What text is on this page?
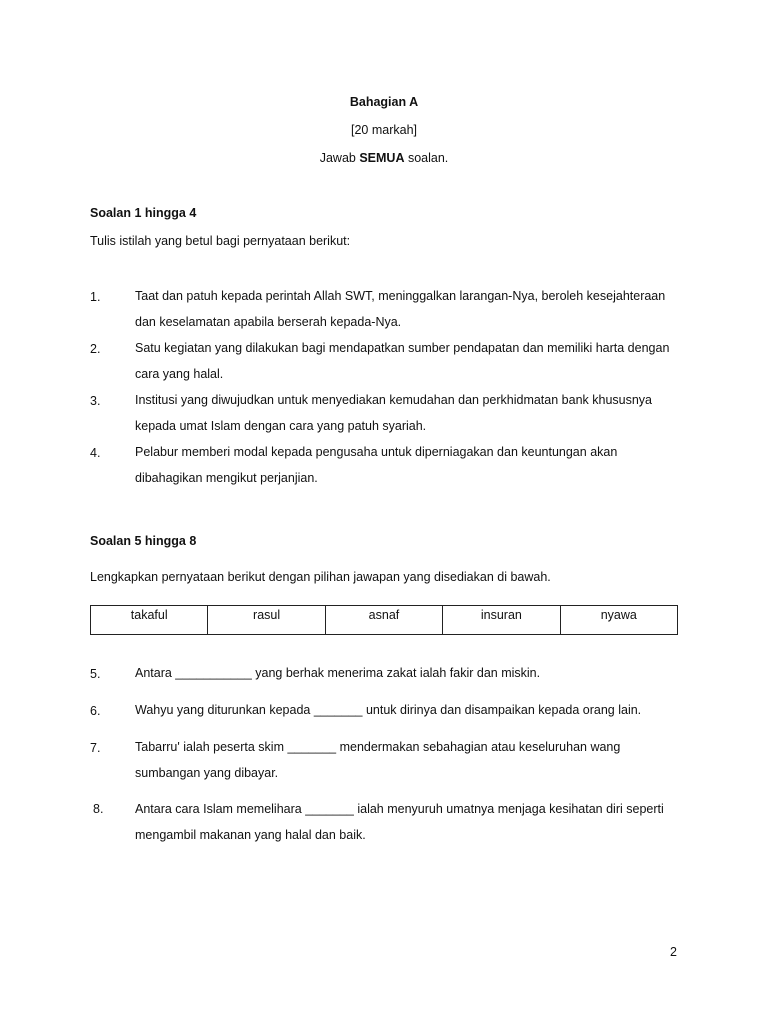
Bahagian A
[20 markah]
Jawab SEMUA soalan.
Soalan 1 hingga 4
Tulis istilah yang betul bagi pernyataan berikut:
1.	Taat dan patuh kepada perintah Allah SWT, meninggalkan larangan-Nya, beroleh kesejahteraan dan keselamatan apabila berserah kepada-Nya.
2.	Satu kegiatan yang dilakukan bagi mendapatkan sumber pendapatan dan memiliki harta dengan cara yang halal.
3.	Institusi yang diwujudkan untuk menyediakan kemudahan dan perkhidmatan bank khususnya kepada umat Islam dengan cara yang patuh syariah.
4.	Pelabur memberi modal kepada pengusaha untuk diperniagakan dan keuntungan akan dibahagikan mengikut perjanjian.
Soalan 5 hingga 8
Lengkapkan pernyataan berikut dengan pilihan jawapan yang disediakan di bawah.
takaful	rasul	asnaf	insuran	nyawa
5.	Antara ___________ yang berhak menerima zakat ialah fakir dan miskin.
6.	Wahyu yang diturunkan kepada _______ untuk dirinya dan disampaikan kepada orang lain.
7.	Tabarru' ialah peserta skim _______ mendermakan sebahagian atau keseluruhan wang sumbangan yang dibayar.
8.	Antara cara Islam memelihara _______ ialah menyuruh umatnya menjaga kesihatan diri seperti mengambil makanan yang halal dan baik.
2
